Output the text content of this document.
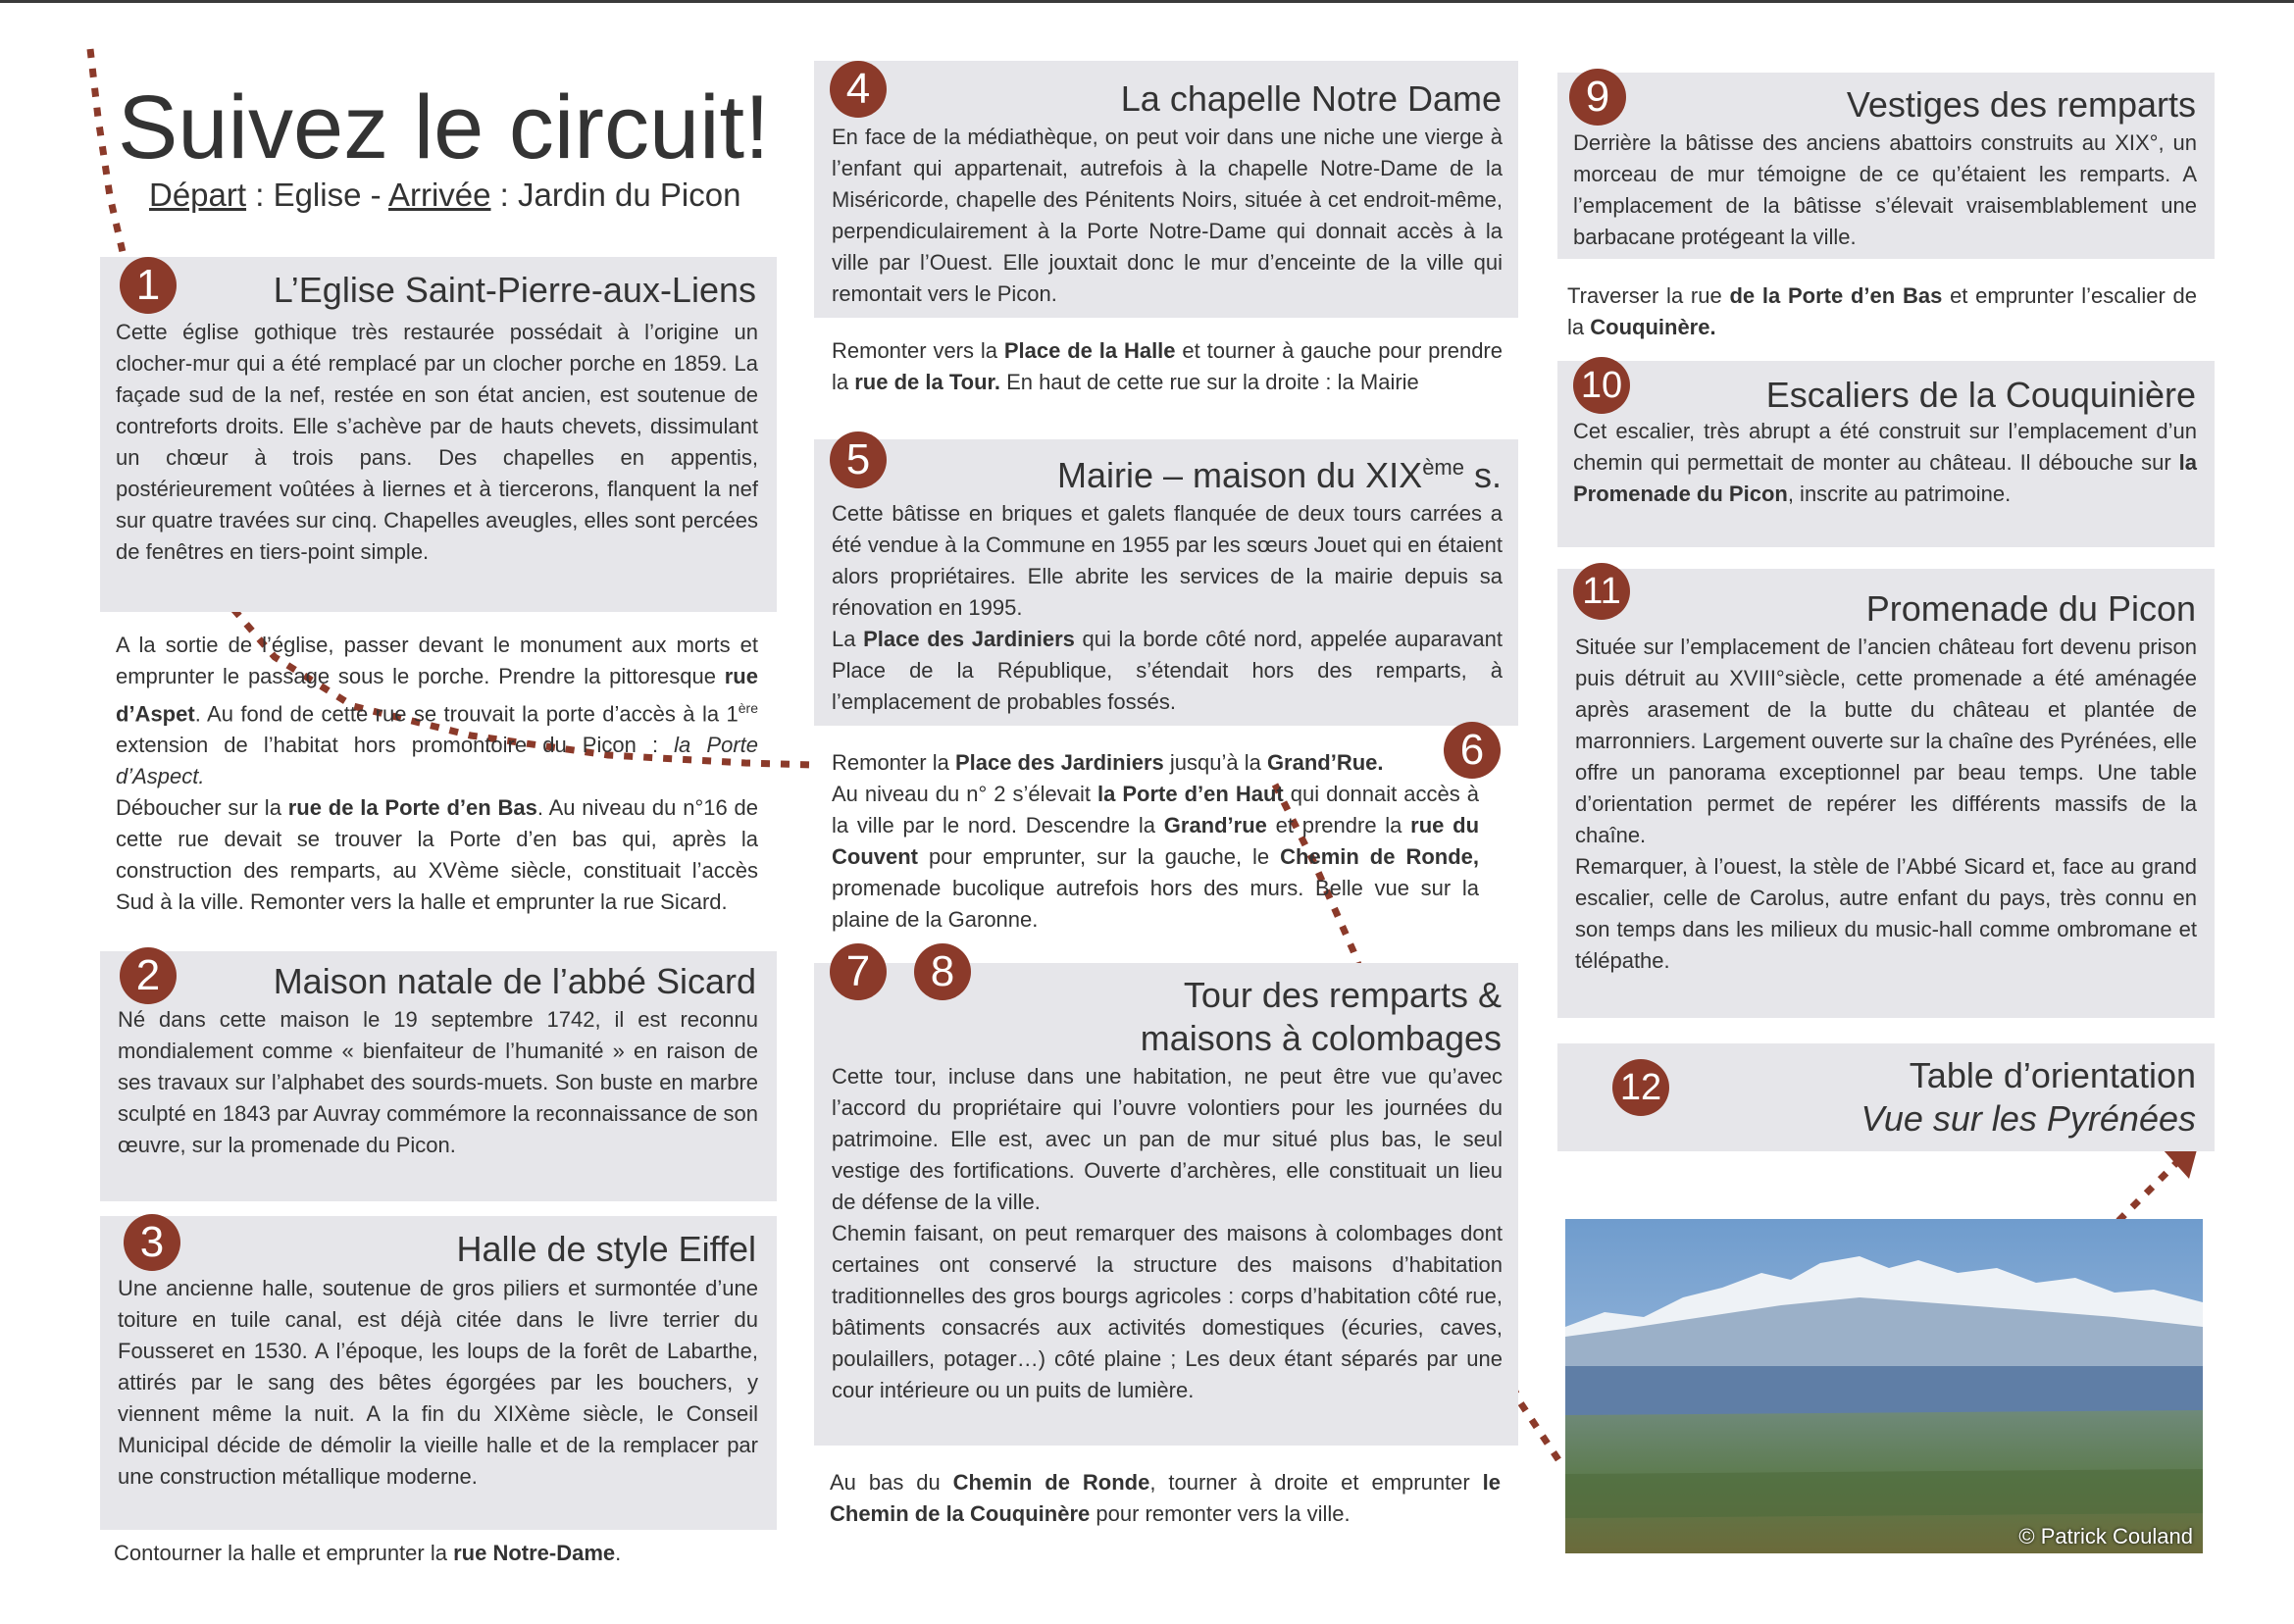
Suivez le circuit!
Départ : Eglise - Arrivée : Jardin du Picon
1	L’Eglise Saint-Pierre-aux-Liens
Cette église gothique très restaurée possédait à l’origine un clocher-mur qui a été remplacé par un clocher porche en 1859. La façade sud de la nef, restée en son état ancien, est soutenue de contreforts droits. Elle s’achève par de hauts chevets, dissimulant un chœur à trois pans. Des chapelles en appentis, postérieurement voûtées à liernes et à tiercerons, flanquent la nef sur quatre travées sur cinq. Chapelles aveugles, elles sont percées de fenêtres en tiers-point simple.
A la sortie de l’église, passer devant le monument aux morts et emprunter le passage sous le porche. Prendre la pittoresque rue d’Aspet. Au fond de cette rue se trouvait la porte d’accès à la 1ère extension de l’habitat hors promontoire du Picon : la Porte d’Aspect.
Déboucher sur la rue de la Porte d’en Bas. Au niveau du n°16 de cette rue devait se trouver la Porte d’en bas qui, après la construction des remparts, au XVème siècle, constituait l’accès Sud à la ville. Remonter vers la halle et emprunter la rue Sicard.
2	Maison natale de l’abbé Sicard
Né dans cette maison le 19 septembre 1742, il est reconnu mondialement comme « bienfaiteur de l’humanité » en raison de ses travaux sur l’alphabet des sourds-muets. Son buste en marbre sculpté en 1843 par Auvray commémore la reconnaissance de son œuvre, sur la promenade du Picon.
3	Halle de style Eiffel
Une ancienne halle, soutenue de gros piliers et surmontée d’une toiture en tuile canal, est déjà citée dans le livre terrier du Fousseret en 1530. A l’époque, les loups de la forêt de Labarthe, attirés par le sang des bêtes égorgées par les bouchers, y viennent même la nuit. A la fin du XIXème siècle, le Conseil Municipal décide de démolir la vieille halle et de la remplacer par une construction métallique moderne.
Contourner la halle et emprunter la rue Notre-Dame.
4	La chapelle Notre Dame
En face de la médiathèque, on peut voir dans une niche une vierge à l’enfant qui appartenait, autrefois à la chapelle Notre-Dame de la Miséricorde, chapelle des Pénitents Noirs, située à cet endroit-même, perpendiculairement à la Porte Notre-Dame qui donnait accès à la ville par l’Ouest. Elle jouxtait donc le mur d’enceinte de la ville qui remontait vers le Picon.
Remonter vers la Place de la Halle et tourner à gauche pour prendre la rue de la Tour. En haut de cette rue sur la droite : la Mairie
5	Mairie – maison du XIXème s.
Cette bâtisse en briques et galets flanquée de deux tours carrées a été vendue à la Commune en 1955 par les sœurs Jouet qui en étaient alors propriétaires. Elle abrite les services de la mairie depuis sa rénovation en 1995.
La Place des Jardiniers qui la borde côté nord, appelée auparavant Place de la République, s’étendait hors des remparts, à l’emplacement de probables fossés.
6
Remonter la Place des Jardiniers jusqu’à la Grand’Rue.
Au niveau du n° 2 s’élevait la Porte d’en Haut qui donnait accès à la ville par le nord. Descendre la Grand’rue et prendre la rue du Couvent pour emprunter, sur la gauche, le Chemin de Ronde, promenade bucolique autrefois hors des murs. Belle vue sur la plaine de la Garonne.
7	8	Tour des remparts &
maisons à colombages
Cette tour, incluse dans une habitation, ne peut être vue qu’avec l’accord du propriétaire qui l’ouvre volontiers pour les journées du patrimoine. Elle est, avec un pan de mur situé plus bas, le seul vestige des fortifications. Ouverte d’archères, elle constituait un lieu de défense de la ville.
Chemin faisant, on peut remarquer des maisons à colombages dont certaines ont conservé la structure des maisons d’habitation traditionnelles des gros bourgs agricoles : corps d’habitation côté rue, bâtiments consacrés aux activités domestiques (écuries, caves, poulaillers, potager…) côté plaine ; Les deux étant séparés par une cour intérieure ou un puits de lumière.
Au bas du Chemin de Ronde, tourner à droite et emprunter le Chemin de la Couquinère pour remonter vers la ville.
9	Vestiges des remparts
Derrière la bâtisse des anciens abattoirs construits au XIX°, un morceau de mur témoigne de ce qu’étaient les remparts. A l’emplacement de la bâtisse s’élevait vraisemblablement une barbacane protégeant la ville.
Traverser la rue de la Porte d’en Bas et emprunter l’escalier de la Couquinère.
10	Escaliers de la Couquinière
Cet escalier, très abrupt a été construit sur l’emplacement d’un chemin qui permettait de monter au château. Il débouche sur la Promenade du Picon, inscrite au patrimoine.
11	Promenade du Picon
Située sur l’emplacement de l’ancien château fort devenu prison puis détruit au XVIII°siècle, cette promenade a été aménagée après arasement de la butte du château et plantée de marronniers. Largement ouverte sur la chaîne des Pyrénées, elle offre un panorama exceptionnel par beau temps. Une table d’orientation permet de repérer les différents massifs de la chaîne.
Remarquer, à l’ouest, la stèle de l’Abbé Sicard et, face au grand escalier, celle de Carolus, autre enfant du pays, très connu en son temps dans les milieux du music-hall comme ombromane et télépathe.
12	Table d’orientation
Vue sur les Pyrénées
© Patrick Couland
